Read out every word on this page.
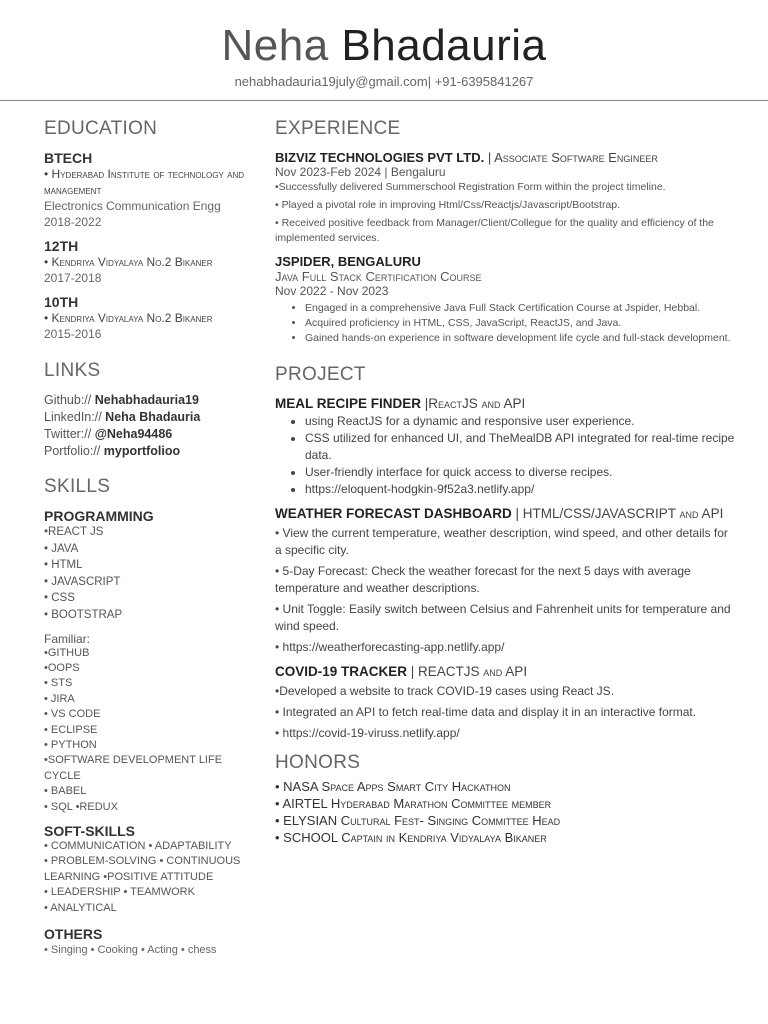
Neha Bhadauria
nehabhadauria19july@gmail.com| +91-6395841267
EDUCATION
BTECH
• Hyderabad Institute of technology and management
Electronics Communication Engg
2018-2022
12TH
• Kendriya Vidyalaya No.2 Bikaner
2017-2018
10TH
• Kendriya Vidyalaya No.2 Bikaner
2015-2016
LINKS
Github:// Nehabhadauria19
LinkedIn:// Neha Bhadauria
Twitter:// @Neha94486
Portfolio:// myportfolioo
SKILLS
PROGRAMMING
•REACT JS
• JAVA
• HTML
• JAVASCRIPT
• CSS
• BOOTSTRAP
Familiar:
•GITHUB
•OOPS
• STS
• JIRA
• VS CODE
• ECLIPSE
• PYTHON
•SOFTWARE DEVELOPMENT LIFE CYCLE
• BABEL
• SQL •REDUX
SOFT-SKILLS
• COMMUNICATION • ADAPTABILITY
• PROBLEM-SOLVING • CONTINUOUS LEARNING •POSITIVE ATTITUDE
• LEADERSHIP • TEAMWORK
• ANALYTICAL
OTHERS
• Singing • Cooking • Acting • chess
EXPERIENCE
BIZVIZ TECHNOLOGIES PVT LTD. | Associate Software Engineer
Nov 2023-Feb 2024 | Bengaluru
•Successfully delivered Summerschool Registration Form within the project timeline.
• Played a pivotal role in improving Html/Css/Reactjs/Javascript/Bootstrap.
• Received positive feedback from Manager/Client/Collegue for the quality and efficiency of the implemented services.
JSPIDER, BENGALURU
Java Full Stack Certification Course
Nov 2022 - Nov 2023
• Engaged in a comprehensive Java Full Stack Certification Course at Jspider, Hebbal.
• Acquired proficiency in HTML, CSS, JavaScript, ReactJS, and Java.
• Gained hands-on experience in software development life cycle and full-stack development.
PROJECT
MEAL RECIPE FINDER |ReactJS and API
• using ReactJS for a dynamic and responsive user experience.
• CSS utilized for enhanced UI, and TheMealDB API integrated for real-time recipe data.
• User-friendly interface for quick access to diverse recipes.
• https://eloquent-hodgkin-9f52a3.netlify.app/
WEATHER FORECAST DASHBOARD | HTML/CSS/JAVASCRIPT and API
• View the current temperature, weather description, wind speed, and other details for a specific city.
• 5-Day Forecast: Check the weather forecast for the next 5 days with average temperature and weather descriptions.
• Unit Toggle: Easily switch between Celsius and Fahrenheit units for temperature and wind speed.
• https://weatherforecasting-app.netlify.app/
COVID-19 TRACKER | REACTJS and API
•Developed a website to track COVID-19 cases using React JS.
• Integrated an API to fetch real-time data and display it in an interactive format.
• https://covid-19-viruss.netlify.app/
HONORS
• NASA Space Apps Smart City Hackathon
• AIRTEL Hyderabad Marathon Committee member
• ELYSIAN Cultural Fest- Singing Committee Head
• SCHOOL Captain in Kendriya Vidyalaya Bikaner
